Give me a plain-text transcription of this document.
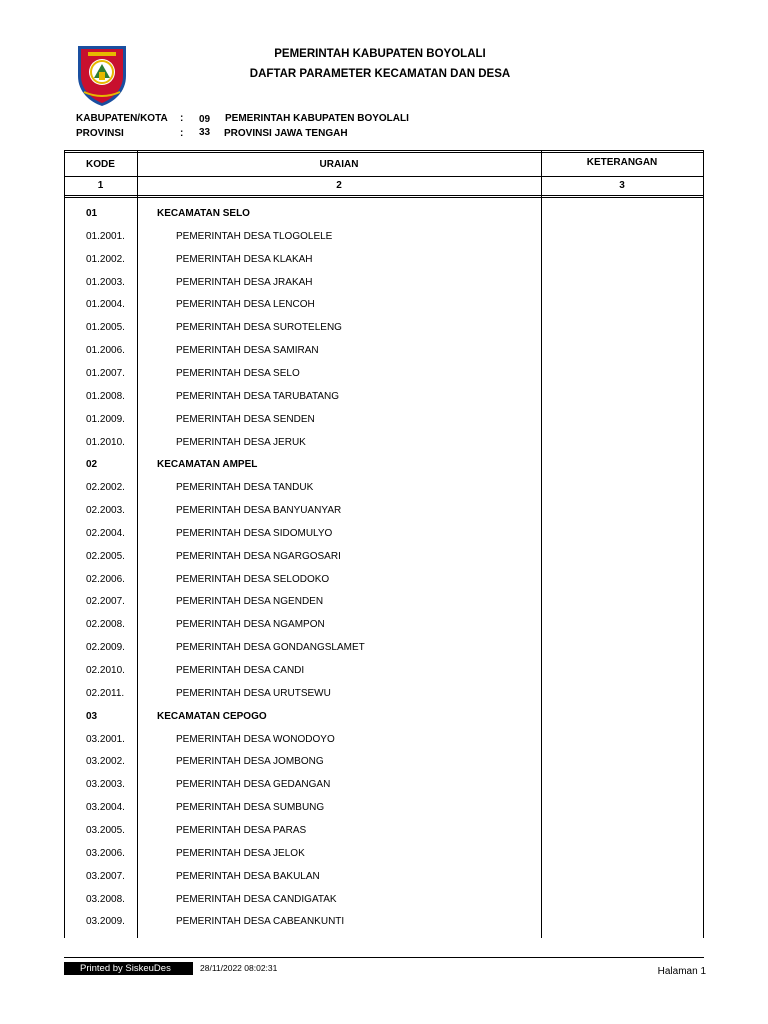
PEMERINTAH KABUPATEN BOYOLALI
DAFTAR PARAMETER KECAMATAN DAN DESA
KABUPATEN/KOTA : 09 PEMERINTAH KABUPATEN BOYOLALI
PROVINSI	: 33 PROVINSI JAWA TENGAH
KODE	URAIAN	KETERANGAN
1	2	3
01	KECAMATAN SELO
01.2001.	PEMERINTAH DESA TLOGOLELE
01.2002.	PEMERINTAH DESA KLAKAH
01.2003.	PEMERINTAH DESA JRAKAH
01.2004.	PEMERINTAH DESA LENCOH
01.2005.	PEMERINTAH DESA SUROTELENG
01.2006.	PEMERINTAH DESA SAMIRAN
01.2007.	PEMERINTAH DESA SELO
01.2008.	PEMERINTAH DESA TARUBATANG
01.2009.	PEMERINTAH DESA SENDEN
01.2010.	PEMERINTAH DESA JERUK
02	KECAMATAN AMPEL
02.2002.	PEMERINTAH DESA TANDUK
02.2003.	PEMERINTAH DESA BANYUANYAR
02.2004.	PEMERINTAH DESA SIDOMULYO
02.2005.	PEMERINTAH DESA NGARGOSARI
02.2006.	PEMERINTAH DESA SELODOKO
02.2007.	PEMERINTAH DESA NGENDEN
02.2008.	PEMERINTAH DESA NGAMPON
02.2009.	PEMERINTAH DESA GONDANGSLAMET
02.2010.	PEMERINTAH DESA CANDI
02.2011.	PEMERINTAH DESA URUTSEWU
03	KECAMATAN CEPOGO
03.2001.	PEMERINTAH DESA WONODOYO
03.2002.	PEMERINTAH DESA JOMBONG
03.2003.	PEMERINTAH DESA GEDANGAN
03.2004.	PEMERINTAH DESA SUMBUNG
03.2005.	PEMERINTAH DESA PARAS
03.2006.	PEMERINTAH DESA JELOK
03.2007.	PEMERINTAH DESA BAKULAN
03.2008.	PEMERINTAH DESA CANDIGATAK
03.2009.	PEMERINTAH DESA CABEANKUNTI
Printed by SiskeuDes	28/11/2022 08:02:31	Halaman 1
